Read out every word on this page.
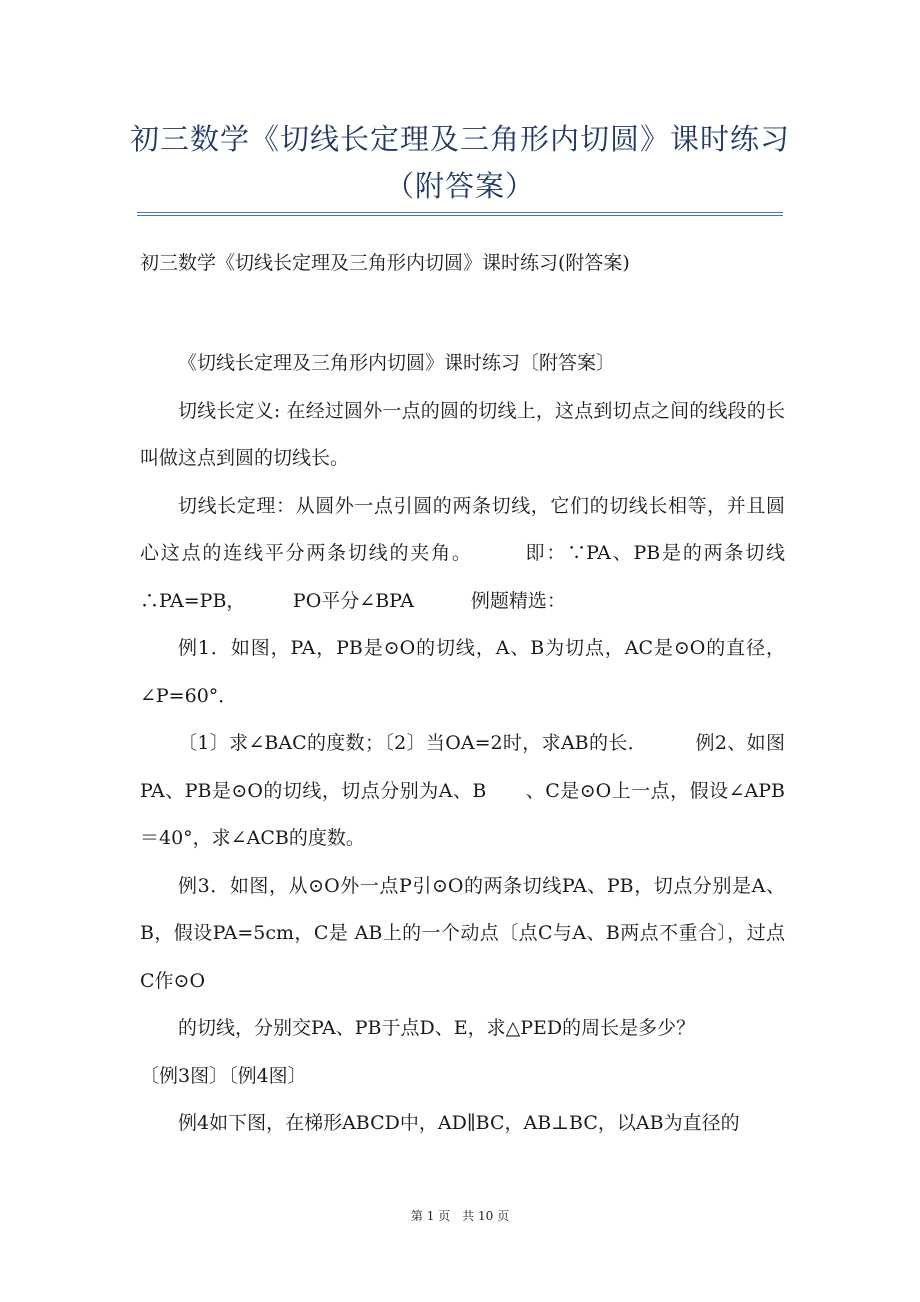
初三数学《切线长定理及三角形内切圆》课时练习
（附答案）

初三数学《切线长定理及三角形内切圆》课时练习(附答案)

《切线长定理及三角形内切圆》课时练习〔附答案〕

切线长定义: 在经过圆外一点的圆的切线上，这点到切点之间的线段的长叫做这点到圆的切线长。

切线长定理：从圆外一点引圆的两条切线，它们的切线长相等，并且圆心这点的连线平分两条切线的夹角。　　　即：∵PA、PB是的两条切线　　　∴PA=PB，　　　PO平分∠BPA　　　例题精选：

例1．如图，PA，PB是⊙O的切线，A、B为切点，AC是⊙O的直径，∠P=60°．

〔1〕求∠BAC的度数；〔2〕当OA=2时，求AB的长．　　　例2、如图PA、PB是⊙O的切线，切点分别为A、B　　、C是⊙O上一点，假设∠APB＝40°，求∠ACB的度数。

例3．如图，从⊙O外一点P引⊙O的两条切线PA、PB，切点分别是A、B，假设PA=5cm，C是 AB上的一个动点〔点C与A、B两点不重合〕，过点C作⊙O

的切线，分别交PA、PB于点D、E，求△PED的周长是多少？

〔例3图〕〔例4图〕

例4如下图，在梯形ABCD中，AD∥BC，AB⊥BC，以AB为直径的

第 1 页　共 10 页
